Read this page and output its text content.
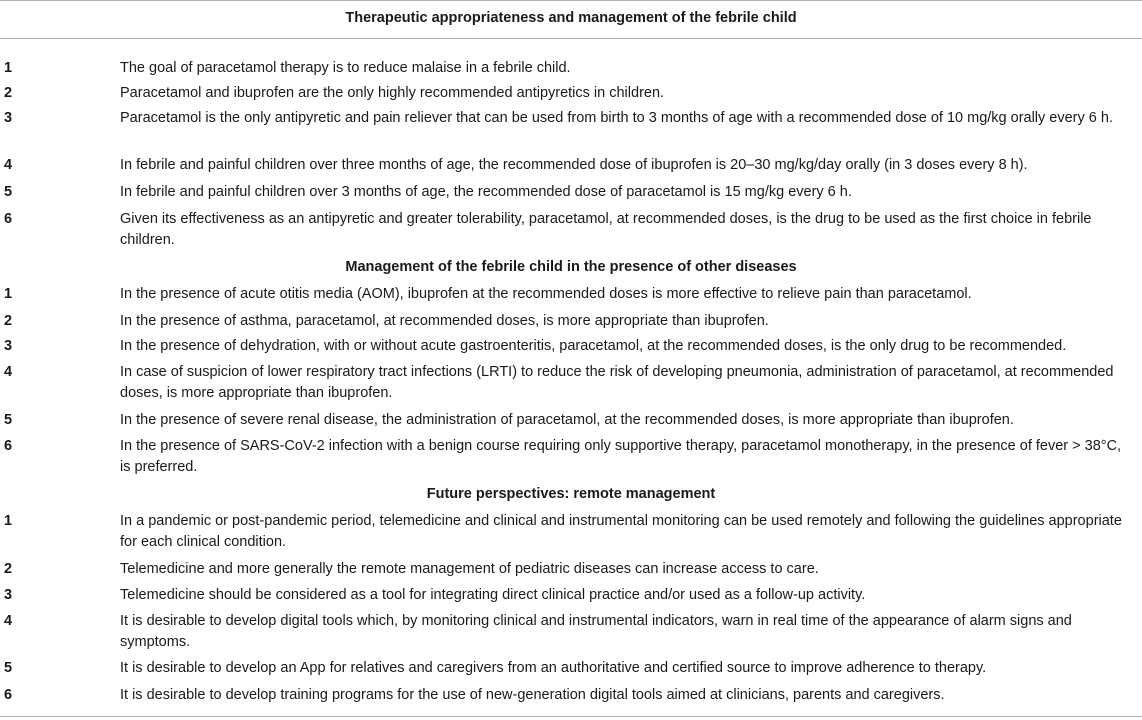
Therapeutic appropriateness and management of the febrile child
1	The goal of paracetamol therapy is to reduce malaise in a febrile child.
2	Paracetamol and ibuprofen are the only highly recommended antipyretics in children.
3	Paracetamol is the only antipyretic and pain reliever that can be used from birth to 3 months of age with a recommended dose of 10 mg/kg orally every 6 h.
4	In febrile and painful children over three months of age, the recommended dose of ibuprofen is 20–30 mg/kg/day orally (in 3 doses every 8 h).
5	In febrile and painful children over 3 months of age, the recommended dose of paracetamol is 15 mg/kg every 6 h.
6	Given its effectiveness as an antipyretic and greater tolerability, paracetamol, at recommended doses, is the drug to be used as the first choice in febrile children.
Management of the febrile child in the presence of other diseases
1	In the presence of acute otitis media (AOM), ibuprofen at the recommended doses is more effective to relieve pain than paracetamol.
2	In the presence of asthma, paracetamol, at recommended doses, is more appropriate than ibuprofen.
3	In the presence of dehydration, with or without acute gastroenteritis, paracetamol, at the recommended doses, is the only drug to be recommended.
4	In case of suspicion of lower respiratory tract infections (LRTI) to reduce the risk of developing pneumonia, administration of paracetamol, at recommended doses, is more appropriate than ibuprofen.
5	In the presence of severe renal disease, the administration of paracetamol, at the recommended doses, is more appropriate than ibuprofen.
6	In the presence of SARS-CoV-2 infection with a benign course requiring only supportive therapy, paracetamol monotherapy, in the presence of fever > 38°C, is preferred.
Future perspectives: remote management
1	In a pandemic or post-pandemic period, telemedicine and clinical and instrumental monitoring can be used remotely and following the guidelines appropriate for each clinical condition.
2	Telemedicine and more generally the remote management of pediatric diseases can increase access to care.
3	Telemedicine should be considered as a tool for integrating direct clinical practice and/or used as a follow-up activity.
4	It is desirable to develop digital tools which, by monitoring clinical and instrumental indicators, warn in real time of the appearance of alarm signs and symptoms.
5	It is desirable to develop an App for relatives and caregivers from an authoritative and certified source to improve adherence to therapy.
6	It is desirable to develop training programs for the use of new-generation digital tools aimed at clinicians, parents and caregivers.
